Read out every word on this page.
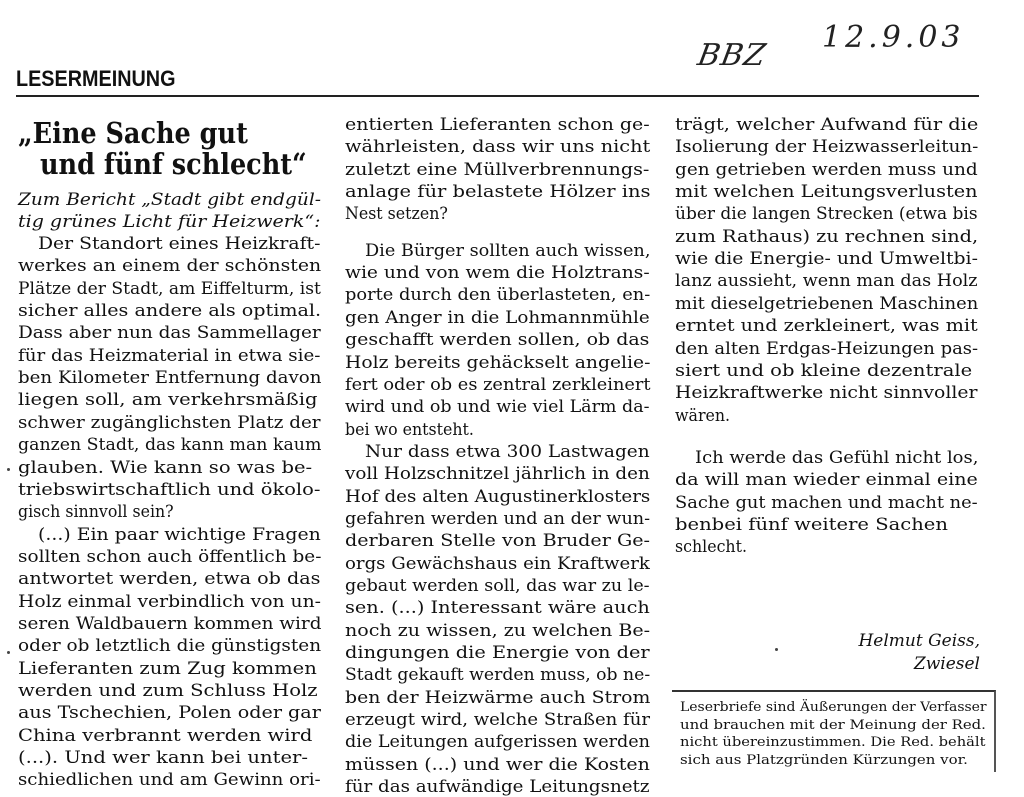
BBZ
12.9.03
LESERMEINUNG
„Eine Sache gut
und fünf schlecht“
Zum Bericht „Stadt gibt endgül-
tig grünes Licht für Heizwerk“:
Der Standort eines Heizkraft-
werkes an einem der schönsten
Plätze der Stadt, am Eiffelturm, ist
sicher alles andere als optimal.
Dass aber nun das Sammellager
für das Heizmaterial in etwa sie-
ben Kilometer Entfernung davon
liegen soll, am verkehrsmäßig
schwer zugänglichsten Platz der
ganzen Stadt, das kann man kaum
glauben. Wie kann so was be-
triebswirtschaftlich und ökolo-
gisch sinnvoll sein?
(...) Ein paar wichtige Fragen
sollten schon auch öffentlich be-
antwortet werden, etwa ob das
Holz einmal verbindlich von un-
seren Waldbauern kommen wird
oder ob letztlich die günstigsten
Lieferanten zum Zug kommen
werden und zum Schluss Holz
aus Tschechien, Polen oder gar
China verbrannt werden wird
(...). Und wer kann bei unter-
schiedlichen und am Gewinn ori-
entierten Lieferanten schon ge-
währleisten, dass wir uns nicht
zuletzt eine Müllverbrennungs-
anlage für belastete Hölzer ins
Nest setzen?
Die Bürger sollten auch wissen,
wie und von wem die Holztrans-
porte durch den überlasteten, en-
gen Anger in die Lohmannmühle
geschafft werden sollen, ob das
Holz bereits gehäckselt angelie-
fert oder ob es zentral zerkleinert
wird und ob und wie viel Lärm da-
bei wo entsteht.
Nur dass etwa 300 Lastwagen
voll Holzschnitzel jährlich in den
Hof des alten Augustinerklosters
gefahren werden und an der wun-
derbaren Stelle von Bruder Ge-
orgs Gewächshaus ein Kraftwerk
gebaut werden soll, das war zu le-
sen. (...) Interessant wäre auch
noch zu wissen, zu welchen Be-
dingungen die Energie von der
Stadt gekauft werden muss, ob ne-
ben der Heizwärme auch Strom
erzeugt wird, welche Straßen für
die Leitungen aufgerissen werden
müssen (...) und wer die Kosten
für das aufwändige Leitungsnetz
trägt, welcher Aufwand für die
Isolierung der Heizwasserleitun-
gen getrieben werden muss und
mit welchen Leitungsverlusten
über die langen Strecken (etwa bis
zum Rathaus) zu rechnen sind,
wie die Energie- und Umweltbi-
lanz aussieht, wenn man das Holz
mit dieselgetriebenen Maschinen
erntet und zerkleinert, was mit
den alten Erdgas-Heizungen pas-
siert und ob kleine dezentrale
Heizkraftwerke nicht sinnvoller
wären.
Ich werde das Gefühl nicht los,
da will man wieder einmal eine
Sache gut machen und macht ne-
benbei fünf weitere Sachen
schlecht.
Helmut Geiss,
Zwiesel
Leserbriefe sind Äußerungen der Verfasser
und brauchen mit der Meinung der Red.
nicht übereinzustimmen. Die Red. behält
sich aus Platzgründen Kürzungen vor.
